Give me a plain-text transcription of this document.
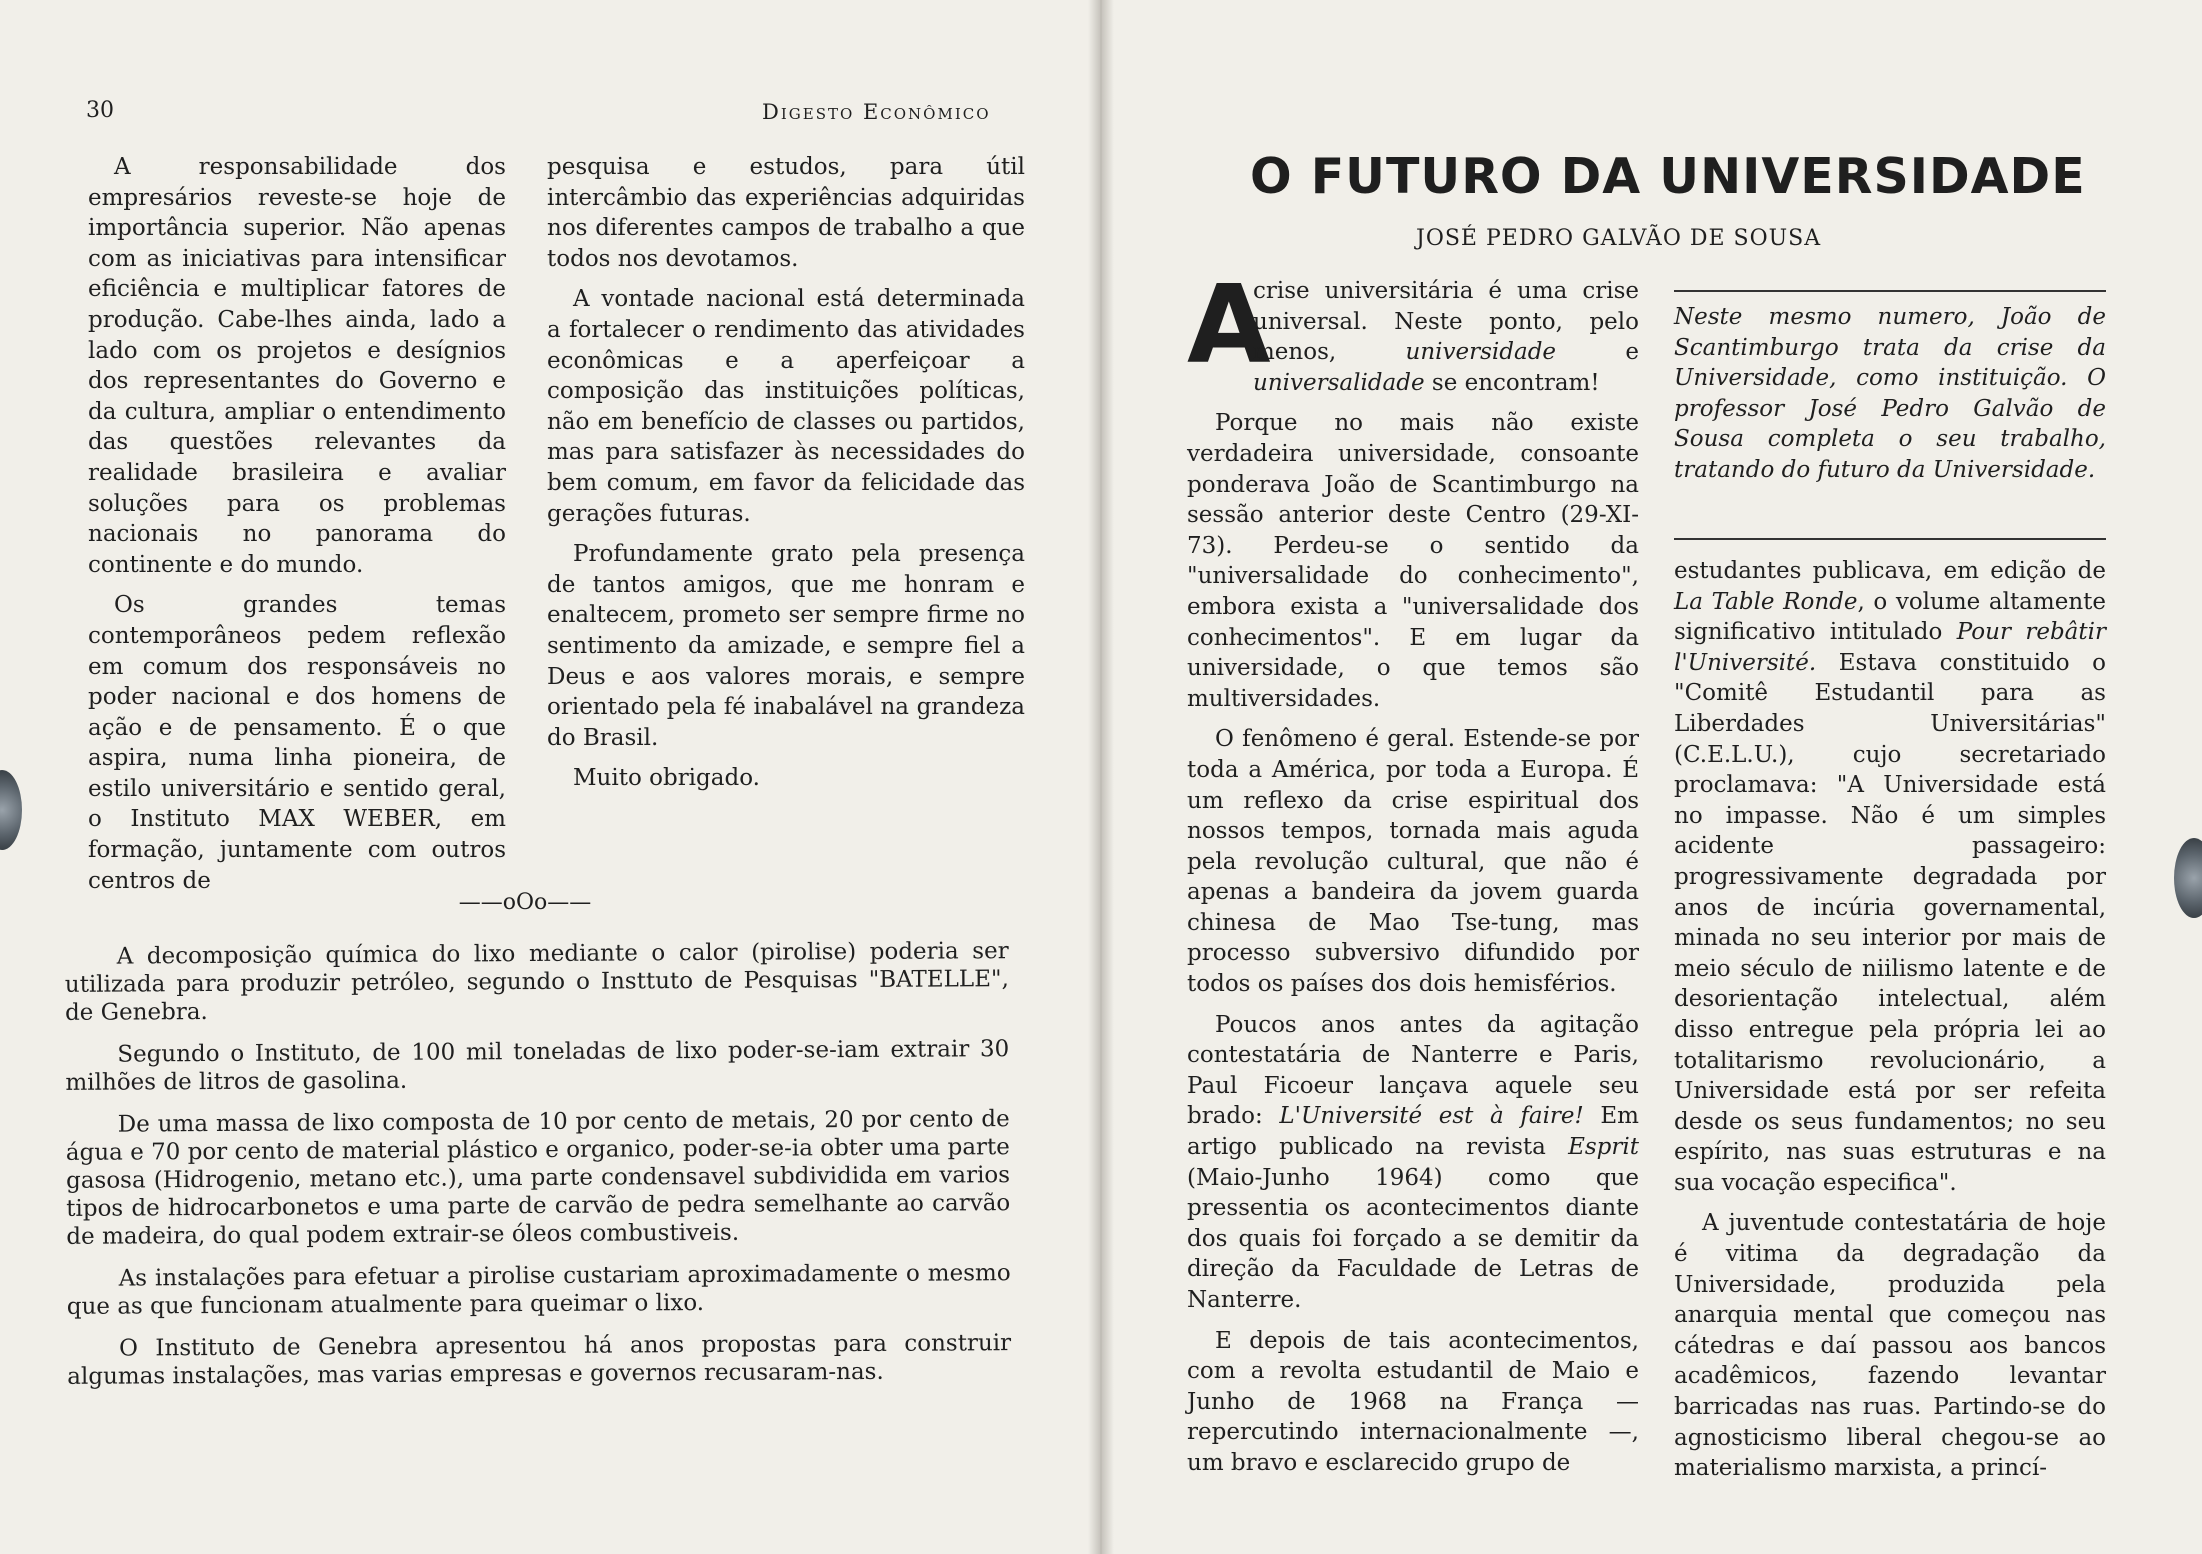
30	Digesto Econômico

A responsabilidade dos empresários reveste-se hoje de importância superior. Não apenas com as iniciativas para intensificar eficiência e multiplicar fatores de produção. Cabe-lhes ainda, lado a lado com os projetos e desígnios dos representantes do Governo e da cultura, ampliar o entendimento das questões relevantes da realidade brasileira e avaliar soluções para os problemas nacionais no panorama do continente e do mundo.

Os grandes temas contemporâneos pedem reflexão em comum dos responsáveis no poder nacional e dos homens de ação e de pensamento. É o que aspira, numa linha pioneira, de estilo universitário e sentido geral, o Instituto MAX WEBER, em formação, juntamente com outros centros de

pesquisa e estudos, para útil intercâmbio das experiências adquiridas nos diferentes campos de trabalho a que todos nos devotamos.

A vontade nacional está determinada a fortalecer o rendimento das atividades econômicas e a aperfeiçoar a composição das instituições políticas, não em benefício de classes ou partidos, mas para satisfazer às necessidades do bem comum, em favor da felicidade das gerações futuras.

Profundamente grato pela presença de tantos amigos, que me honram e enaltecem, prometo ser sempre firme no sentimento da amizade, e sempre fiel a Deus e aos valores morais, e sempre orientado pela fé inabalável na grandeza do Brasil.

Muito obrigado.

——oOo——

A decomposição química do lixo mediante o calor (pirolise) poderia ser utilizada para produzir petróleo, segundo o Insttuto de Pesquisas "BATELLE", de Genebra.

Segundo o Instituto, de 100 mil toneladas de lixo poder-se-iam extrair 30 milhões de litros de gasolina.

De uma massa de lixo composta de 10 por cento de metais, 20 por cento de água e 70 por cento de material plástico e organico, poder-se-ia obter uma parte gasosa (Hidrogenio, metano etc.), uma parte condensavel subdividida em varios tipos de hidrocarbonetos e uma parte de carvão de pedra semelhante ao carvão de madeira, do qual podem extrair-se óleos combustiveis.

As instalações para efetuar a pirolise custariam aproximadamente o mesmo que as que funcionam atualmente para queimar o lixo.

O Instituto de Genebra apresentou há anos propostas para construir algumas instalações, mas varias empresas e governos recusaram-nas.

O FUTURO DA UNIVERSIDADE
JOSÉ PEDRO GALVÃO DE SOUSA

A
crise universitária é uma crise universal. Neste ponto, pelo menos, universidade e universalidade se encontram!

Porque no mais não existe verdadeira universidade, consoante ponderava João de Scantimburgo na sessão anterior deste Centro (29-XI-73). Perdeu-se o sentido da "universalidade do conhecimento", embora exista a "universalidade dos conhecimentos". E em lugar da universidade, o que temos são multiversidades.

O fenômeno é geral. Estende-se por toda a América, por toda a Europa. É um reflexo da crise espiritual dos nossos tempos, tornada mais aguda pela revolução cultural, que não é apenas a bandeira da jovem guarda chinesa de Mao Tse-tung, mas processo subversivo difundido por todos os países dos dois hemisférios.

Poucos anos antes da agitação contestatária de Nanterre e Paris, Paul Ficoeur lançava aquele seu brado: L'Université est à faire! Em artigo publicado na revista Esprit (Maio-Junho 1964) como que pressentia os acontecimentos diante dos quais foi forçado a se demitir da direção da Faculdade de Letras de Nanterre.

E depois de tais acontecimentos, com a revolta estudantil de Maio e Junho de 1968 na França — repercutindo internacionalmente —, um bravo e esclarecido grupo de

Neste mesmo numero, João de Scantimburgo trata da crise da Universidade, como instituição. O professor José Pedro Galvão de Sousa completa o seu trabalho, tratando do futuro da Universidade.

estudantes publicava, em edição de La Table Ronde, o volume altamente significativo intitulado Pour rebâtir l'Université. Estava constituido o "Comitê Estudantil para as Liberdades Universitárias" (C.E.L.U.), cujo secretariado proclamava: "A Universidade está no impasse. Não é um simples acidente passageiro: progressivamente degradada por anos de incúria governamental, minada no seu interior por mais de meio século de niilismo latente e de desorientação intelectual, além disso entregue pela própria lei ao totalitarismo revolucionário, a Universidade está por ser refeita desde os seus fundamentos; no seu espírito, nas suas estruturas e na sua vocação especifica".

A juventude contestatária de hoje é vitima da degradação da Universidade, produzida pela anarquia mental que começou nas cátedras e daí passou aos bancos acadêmicos, fazendo levantar barricadas nas ruas. Partindo-se do agnosticismo liberal chegou-se ao materialismo marxista, a princí-
